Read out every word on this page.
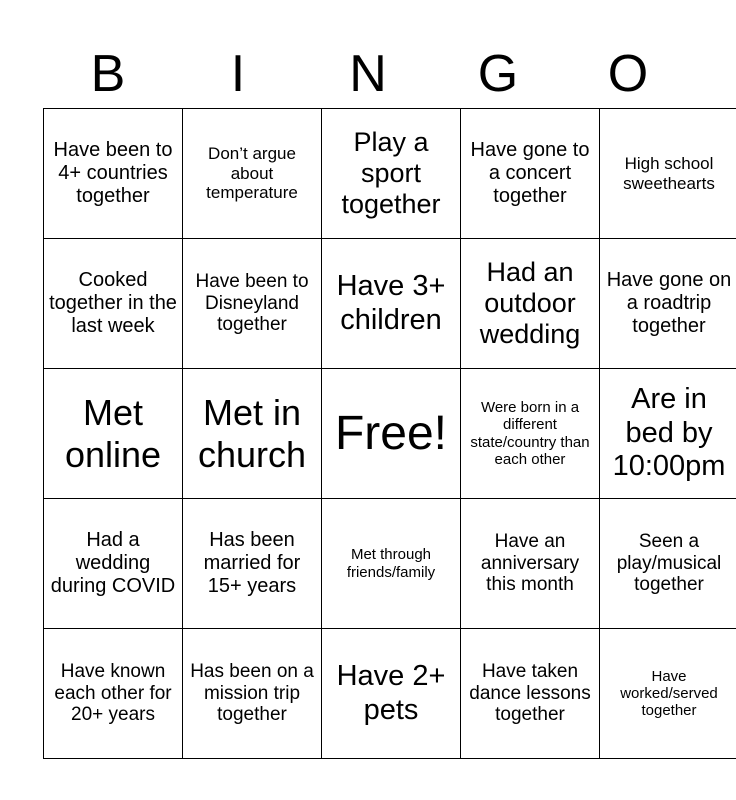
B	I	N	G	O
Have been to 4+ countries together	Don’t argue about temperature	Play a sport together	Have gone to a concert together	High school sweethearts
Cooked together in the last week	Have been to Disneyland together	Have 3+ children	Had an outdoor wedding	Have gone on a roadtrip together
Met online	Met in church	Free!	Were born in a different state/country than each other	Are in bed by 10:00pm
Had a wedding during COVID	Has been married for 15+ years	Met through friends/family	Have an anniversary this month	Seen a play/musical together
Have known each other for 20+ years	Has been on a mission trip together	Have 2+ pets	Have taken dance lessons together	Have worked/served together
